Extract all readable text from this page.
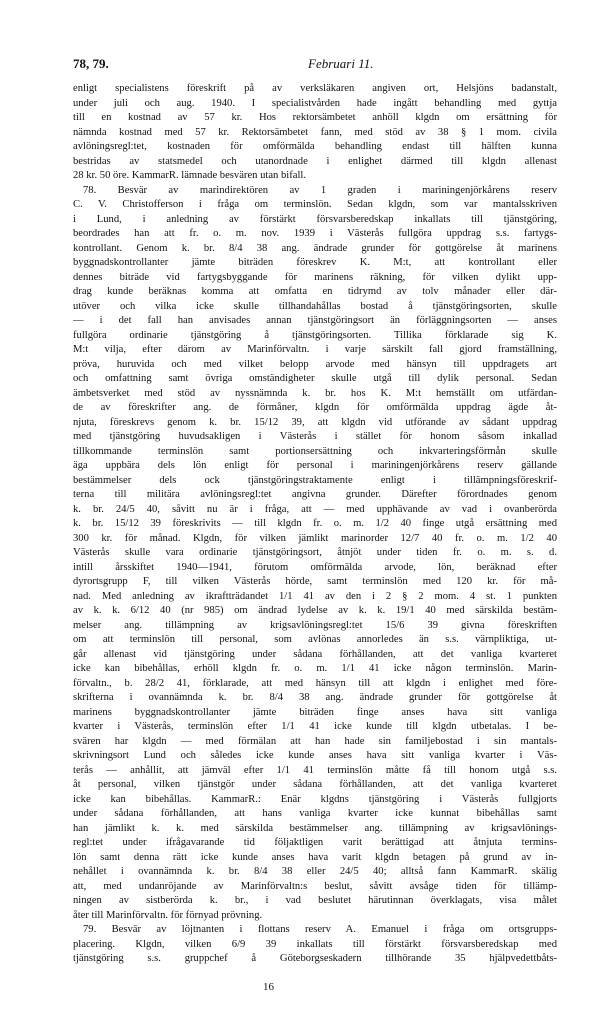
78, 79.	Februari 11.
enligt specialistens föreskrift på av verksläkaren angiven ort, Helsjöns badanstalt,
under juli och aug. 1940. I specialistvården hade ingått behandling med gyttja
till en kostnad av 57 kr. Hos rektorsämbetet anhöll klgdn om ersättning för
nämnda kostnad med 57 kr. Rektorsämbetet fann, med stöd av 38 § 1 mom. civila
avlöningsregl:tet, kostnaden för omförmälda behandling endast till hälften kunna
bestridas av statsmedel och utanordnade i enlighet därmed till klgdn allenast
28 kr. 50 öre. KammarR. lämnade besvären utan bifall.
78. Besvär av marindirektören av 1 graden i mariningenjörkårens reserv
C. V. Christofferson i fråga om terminslön. Sedan klgdn, som var mantalsskriven
i Lund, i anledning av förstärkt försvarsberedskap inkallats till tjänstgöring,
beordrades han att fr. o. m. nov. 1939 i Västerås fullgöra uppdrag s.s. fartygs-
kontrollant. Genom k. br. 8/4 38 ang. ändrade grunder för gottgörelse åt marinens
byggnadskontrollanter jämte biträden föreskrev K. M:t, att kontrollant eller
dennes biträde vid fartygsbyggande för marinens räkning, för vilken dylikt upp-
drag kunde beräknas komma att omfatta en tidrymd av tolv månader eller där-
utöver och vilka icke skulle tillhandahållas bostad å tjänstgöringsorten, skulle
— i det fall han anvisades annan tjänstgöringsort än förläggningsorten — anses
fullgöra ordinarie tjänstgöring å tjänstgöringsorten. Tillika förklarade sig K.
M:t vilja, efter därom av Marinförvaltn. i varje särskilt fall gjord framställning,
pröva, huruvida och med vilket belopp arvode med hänsyn till uppdragets art
och omfattning samt övriga omständigheter skulle utgå till dylik personal. Sedan
ämbetsverket med stöd av nyssnämnda k. br. hos K. M:t hemställt om utfärdan-
de av föreskrifter ang. de förmåner, klgdn för omförmälda uppdrag ägde åt-
njuta, föreskrevs genom k. br. 15/12 39, att klgdn vid utförande av sådant uppdrag
med tjänstgöring huvudsakligen i Västerås i stället för honom såsom inkallad
tillkommande terminslön samt portionsersättning och inkvarteringsförmån skulle
äga uppbära dels lön enligt för personal i mariningenjörkårens reserv gällande
bestämmelser dels ock tjänstgöringstraktamente enligt i tillämpningsföreskrif-
terna till militära avlöningsregl:tet angivna grunder. Därefter förordnades genom
k. br. 24/5 40, såvitt nu är i fråga, att — med upphävande av vad i ovanberörda
k. br. 15/12 39 föreskrivits — till klgdn fr. o. m. 1/2 40 finge utgå ersättning med
300 kr. för månad. Klgdn, för vilken jämlikt marinorder 12/7 40 fr. o. m. 1/2 40
Västerås skulle vara ordinarie tjänstgöringsort, åtnjöt under tiden fr. o. m. s. d.
intill årsskiftet 1940—1941, förutom omförmälda arvode, lön, beräknad efter
dyrortsgrupp F, till vilken Västerås hörde, samt terminslön med 120 kr. för må-
nad. Med anledning av ikraftträdandet 1/1 41 av den i 2 § 2 mom. 4 st. 1 punkten
av k. k. 6/12 40 (nr 985) om ändrad lydelse av k. k. 19/1 40 med särskilda bestäm-
melser ang. tillämpning av krigsavlöningsregl:tet 15/6 39 givna föreskriften
om att terminslön till personal, som avlönas annorledes än s.s. värnpliktiga, ut-
går allenast vid tjänstgöring under sådana förhållanden, att det vanliga kvarteret
icke kan bibehållas, erhöll klgdn fr. o. m. 1/1 41 icke någon terminslön. Marin-
förvaltn., b. 28/2 41, förklarade, att med hänsyn till att klgdn i enlighet med före-
skrifterna i ovannämnda k. br. 8/4 38 ang. ändrade grunder för gottgörelse åt
marinens byggnadskontrollanter jämte biträden finge anses hava sitt vanliga
kvarter i Västerås, terminslön efter 1/1 41 icke kunde till klgdn utbetalas. I be-
svären har klgdn — med förmälan att han hade sin familjebostad i sin mantals-
skrivningsort Lund och således icke kunde anses hava sitt vanliga kvarter i Väs-
terås — anhållit, att jämväl efter 1/1 41 terminslön måtte få till honom utgå s.s.
åt personal, vilken tjänstgör under sådana förhållanden, att det vanliga kvarteret
icke kan bibehållas. KammarR.: Enär klgdns tjänstgöring i Västerås fullgjorts
under sådana förhållanden, att hans vanliga kvarter icke kunnat bibehållas samt
han jämlikt k. k. med särskilda bestämmelser ang. tillämpning av krigsavlönings-
regl:tet under ifrågavarande tid följaktligen varit berättigad att åtnjuta termins-
lön samt denna rätt icke kunde anses hava varit klgdn betagen på grund av in-
nehållet i ovannämnda k. br. 8/4 38 eller 24/5 40; alltså fann KammarR. skälig
att, med undanröjande av Marinförvaltn:s beslut, såvitt avsåge tiden för tillämp-
ningen av sistberörda k. br., i vad beslutet härutinnan överklagats, visa målet
åter till Marinförvaltn. för förnyad prövning.
79. Besvär av löjtnanten i flottans reserv A. Emanuel i fråga om ortsgrupps-
placering. Klgdn, vilken 6/9 39 inkallats till förstärkt försvarsberedskap med
tjänstgöring s.s. gruppchef å Göteborgseskadern tillhörande 35 hjälpvedettbåts-
16
